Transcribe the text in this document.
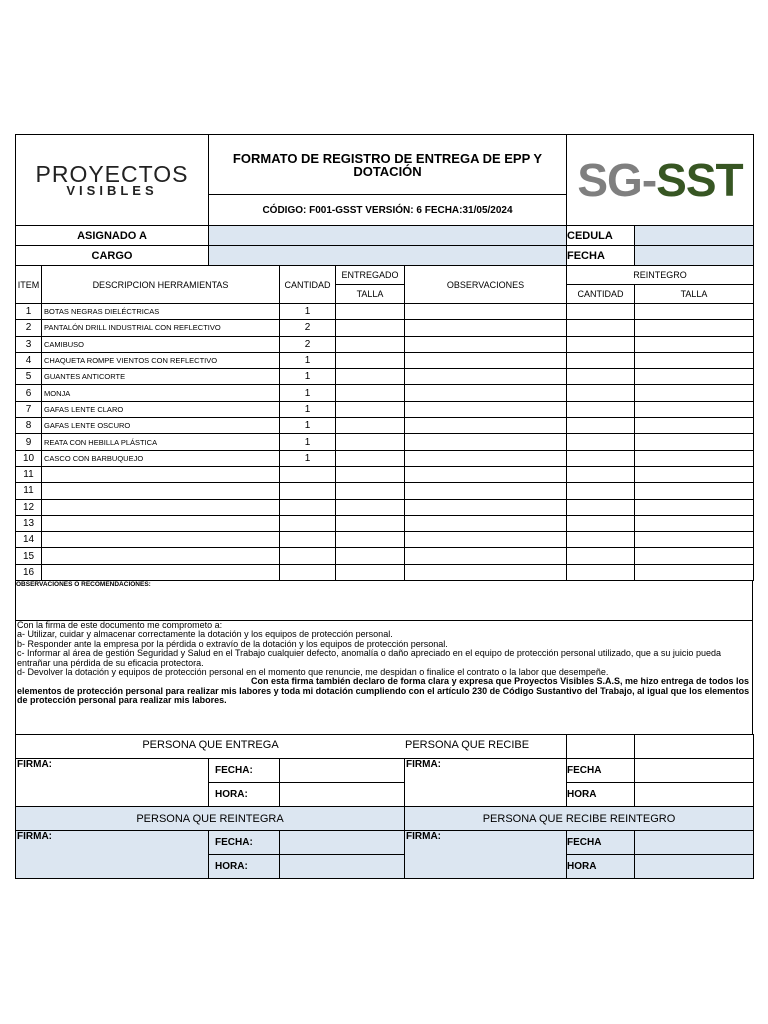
PROYECTOS
VISIBLES
	FORMATO DE REGISTRO DE ENTREGA DE EPP Y DOTACIÓN	SG-SST
CÓDIGO: F001-GSST VERSIÓN: 6 FECHA:31/05/2024
ASIGNADO A		CEDULA	
CARGO		FECHA	
ITEM	DESCRIPCION HERRAMIENTAS	CANTIDAD	ENTREGADO	OBSERVACIONES	REINTEGRO	
			TALLA		CANTIDAD	TALLA
1	BOTAS NEGRAS DIELÉCTRICAS	1				
2	PANTALÓN DRILL INDUSTRIAL CON REFLECTIVO	2				
3	CAMIBUSO	2				
4	CHAQUETA ROMPE VIENTOS CON REFLECTIVO	1				
5	GUANTES ANTICORTE	1				
6	MONJA	1				
7	GAFAS LENTE CLARO	1				
8	GAFAS LENTE OSCURO	1				
9	REATA CON HEBILLA PLÁSTICA	1				
10	CASCO CON BARBUQUEJO	1				
11						
11						
12						
13						
14						
15						
16						
OBSERVACIONES O RECOMENDACIONES:

Con la firma de este documento me comprometo a:
a- Utilizar, cuidar y almacenar correctamente la dotación y los equipos de protección personal.
b- Responder ante la empresa por la pérdida o extravío de la dotación y los equipos de protección personal.
c- Informar al área de gestión Seguridad y Salud en el Trabajo cualquier defecto, anomalía o daño apreciado en el equipo de protección personal utilizado, que a su juicio pueda entrañar una pérdida de su eficacia protectora.
d- Devolver la dotación y equipos de protección personal en el momento que renuncie, me despidan o finalice el contrato o la labor que desempeñe.
Con esta firma también declaro de forma clara y expresa que Proyectos Visibles S.A.S, me hizo entrega de todos los elementos de protección personal para realizar mis labores y toda mi dotación cumpliendo con el artículo 230 de Código Sustantivo del Trabajo, al igual que los elementos de protección personal para realizar mis labores.
PERSONA QUE ENTREGA PERSONA QUE RECIBE					

FIRMA:	FECHA:		FIRMA:	FECHA	
	HORA:			HORA	
PERSONA QUE REINTEGRA			PERSONA QUE RECIBE REINTEGRO		
FIRMA:	FECHA:		FIRMA:	FECHA	
	HORA:			HORA	
